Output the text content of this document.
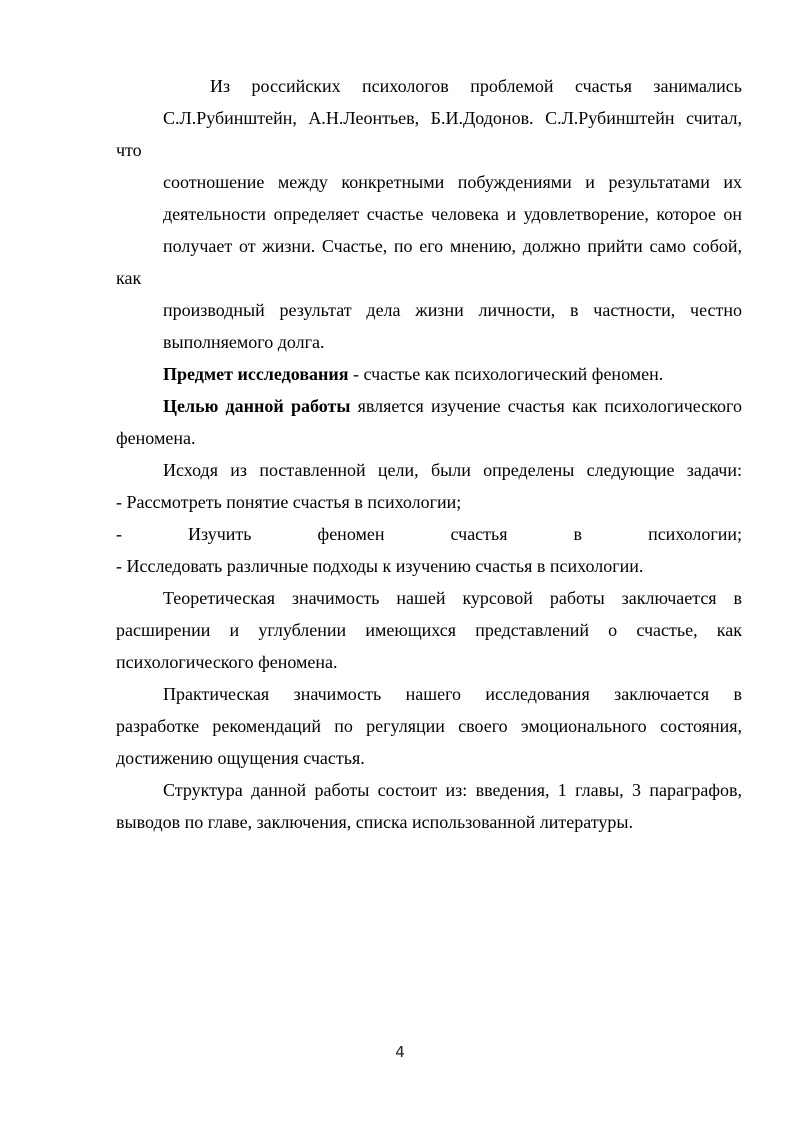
Из российских психологов проблемой счастья занимались
С.Л.Рубинштейн, А.Н.Леонтьев, Б.И.Додонов. С.Л.Рубинштейн считал, что
соотношение между конкретными побуждениями и результатами их
деятельности определяет счастье человека и удовлетворение, которое он
получает от жизни. Счастье, по его мнению, должно прийти само собой, как
производный результат дела жизни личности, в частности, честно
выполняемого долга.
Предмет исследования - счастье как психологический феномен.
Целью данной работы является изучение счастья как психологического
феномена.
Исходя из поставленной цели, были определены следующие задачи:
- Рассмотреть понятие счастья в психологии;
-	Изучить	феномен	счастья	в	психологии;
- Исследовать различные подходы к изучению счастья в психологии.
Теоретическая значимость нашей курсовой работы заключается в
расширении и углублении имеющихся представлений о счастье, как
психологического феномена.
Практическая значимость нашего исследования заключается в
разработке рекомендаций по регуляции своего эмоционального состояния,
достижению ощущения счастья.
Структура данной работы состоит из: введения, 1 главы, 3 параграфов,
выводов по главе, заключения, списка использованной литературы.
4
